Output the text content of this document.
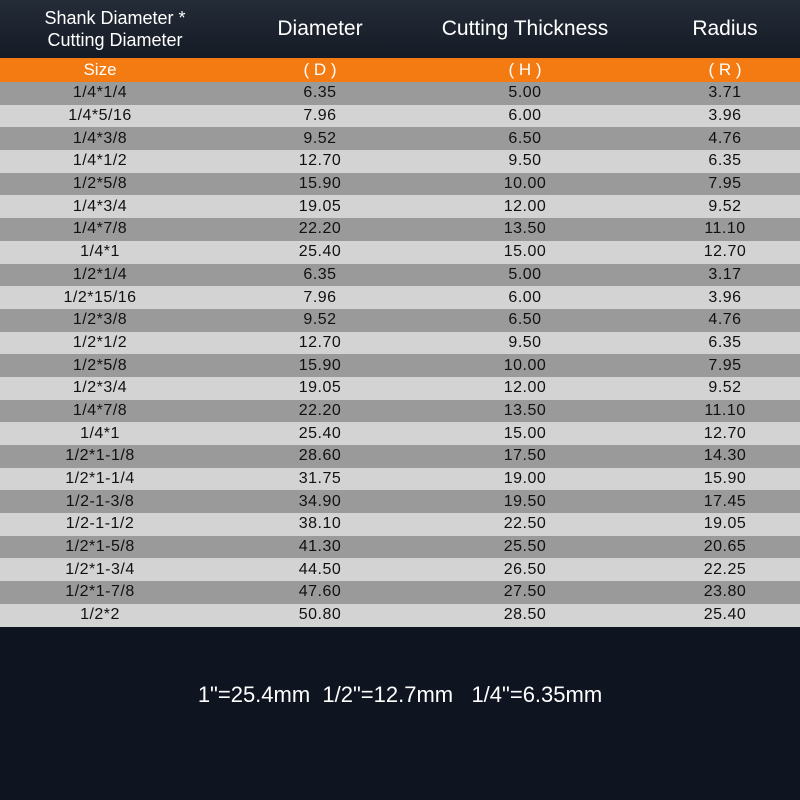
Shank Diameter *
Cutting Diameter	Diameter	Cutting Thickness	Radius
Size	( D )	( H )	( R )
1/4*1/4	6.35	5.00	3.71
1/4*5/16	7.96	6.00	3.96
1/4*3/8	9.52	6.50	4.76
1/4*1/2	12.70	9.50	6.35
1/2*5/8	15.90	10.00	7.95
1/4*3/4	19.05	12.00	9.52
1/4*7/8	22.20	13.50	11.10
1/4*1	25.40	15.00	12.70
1/2*1/4	6.35	5.00	3.17
1/2*15/16	7.96	6.00	3.96
1/2*3/8	9.52	6.50	4.76
1/2*1/2	12.70	9.50	6.35
1/2*5/8	15.90	10.00	7.95
1/2*3/4	19.05	12.00	9.52
1/4*7/8	22.20	13.50	11.10
1/4*1	25.40	15.00	12.70
1/2*1-1/8	28.60	17.50	14.30
1/2*1-1/4	31.75	19.00	15.90
1/2-1-3/8	34.90	19.50	17.45
1/2-1-1/2	38.10	22.50	19.05
1/2*1-5/8	41.30	25.50	20.65
1/2*1-3/4	44.50	26.50	22.25
1/2*1-7/8	47.60	27.50	23.80
1/2*2	50.80	28.50	25.40
1"=25.4mm  1/2"=12.7mm   1/4"=6.35mm
